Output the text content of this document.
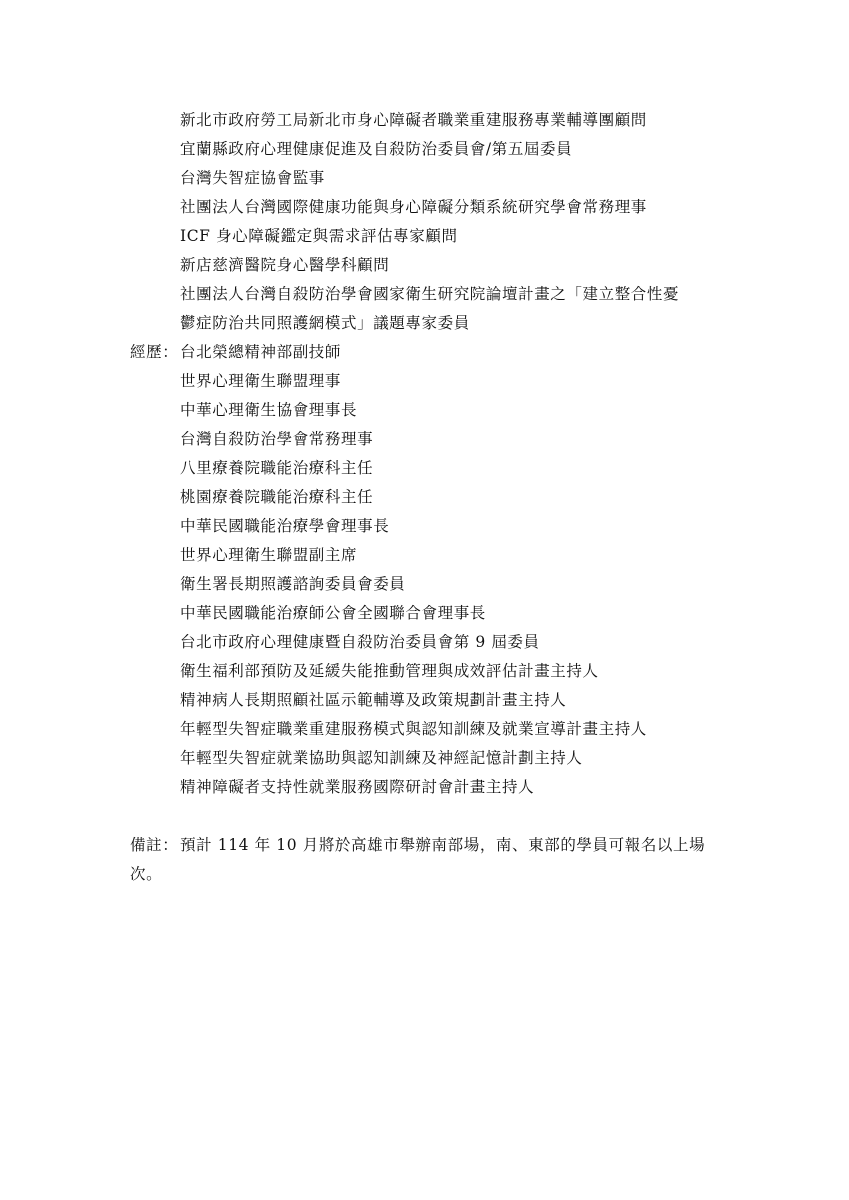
新北市政府勞工局新北市身心障礙者職業重建服務專業輔導團顧問
宜蘭縣政府心理健康促進及自殺防治委員會/第五屆委員
台灣失智症協會監事
社團法人台灣國際健康功能與身心障礙分類系統研究學會常務理事
ICF 身心障礙鑑定與需求評估專家顧問
新店慈濟醫院身心醫學科顧問
社團法人台灣自殺防治學會國家衛生研究院論壇計畫之「建立整合性憂
鬱症防治共同照護網模式」議題專家委員
經歷： 台北榮總精神部副技師
世界心理衛生聯盟理事
中華心理衛生協會理事長
台灣自殺防治學會常務理事
八里療養院職能治療科主任
桃園療養院職能治療科主任
中華民國職能治療學會理事長
世界心理衛生聯盟副主席
衛生署長期照護諮詢委員會委員
中華民國職能治療師公會全國聯合會理事長
台北市政府心理健康暨自殺防治委員會第 9 屆委員
衛生福利部預防及延緩失能推動管理與成效評估計畫主持人
精神病人長期照顧社區示範輔導及政策規劃計畫主持人
年輕型失智症職業重建服務模式與認知訓練及就業宣導計畫主持人
年輕型失智症就業協助與認知訓練及神經記憶計劃主持人
精神障礙者支持性就業服務國際研討會計畫主持人
備註： 預計 114 年 10 月將於高雄市舉辦南部場，南、東部的學員可報名以上場
次。
